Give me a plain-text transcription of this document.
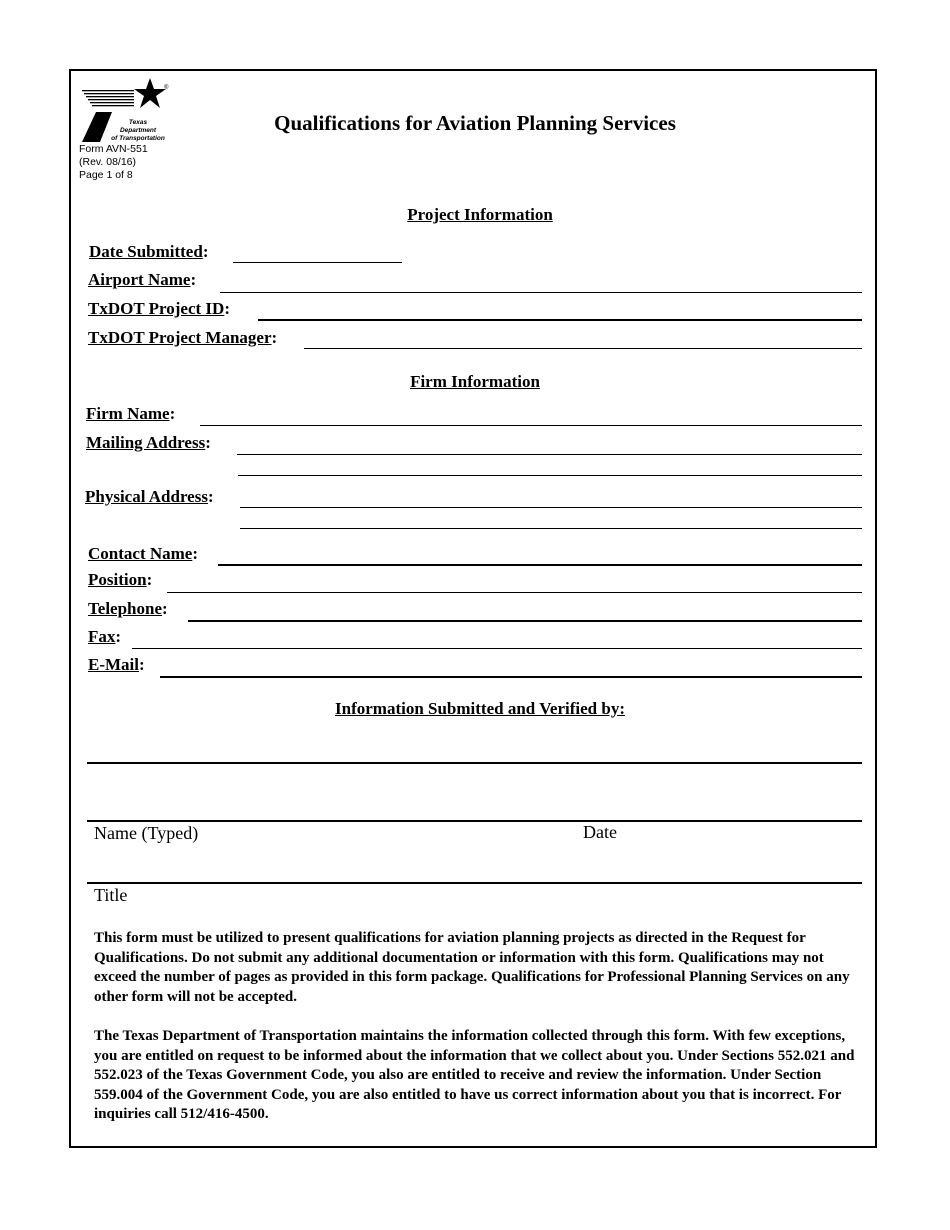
®
Texas
Department
of Transportation
Form AVN-551
(Rev. 08/16)
Page 1 of 8
Qualifications for Aviation Planning Services
Project Information
Date Submitted:
Airport Name:
TxDOT Project ID:
TxDOT Project Manager:
Firm Information
Firm Name:
Mailing Address:
Physical Address:
Contact Name:
Position:
Telephone:
Fax:
E-Mail:
Information Submitted and Verified by:
Name (Typed)	Date
Title
This form must be utilized to present qualifications for aviation planning projects as directed in the Request for Qualifications. Do not submit any additional documentation or information with this form. Qualifications may not exceed the number of pages as provided in this form package. Qualifications for Professional Planning Services on any other form will not be accepted.
The Texas Department of Transportation maintains the information collected through this form. With few exceptions, you are entitled on request to be informed about the information that we collect about you. Under Sections 552.021 and 552.023 of the Texas Government Code, you also are entitled to receive and review the information. Under Section 559.004 of the Government Code, you are also entitled to have us correct information about you that is incorrect. For inquiries call 512/416-4500.
